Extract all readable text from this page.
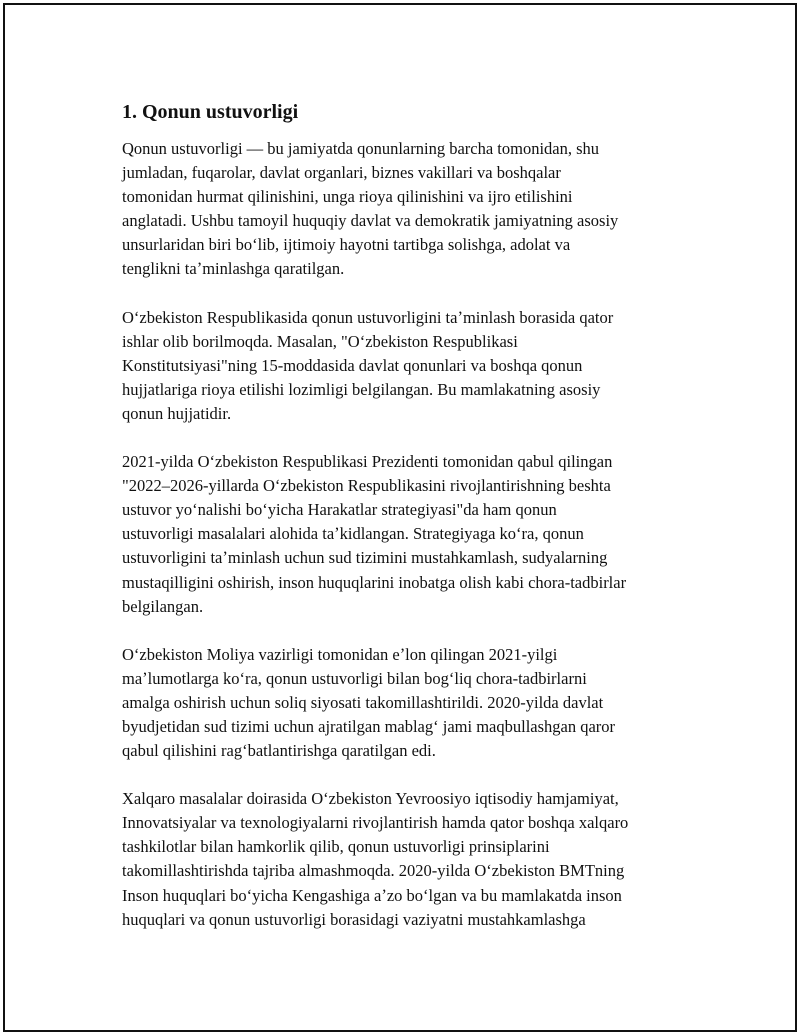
1. Qonun ustuvorligi

Qonun ustuvorligi — bu jamiyatda qonunlarning barcha tomonidan, shu
jumladan, fuqarolar, davlat organlari, biznes vakillari va boshqalar
tomonidan hurmat qilinishini, unga rioya qilinishini va ijro etilishini
anglatadi. Ushbu tamoyil huquqiy davlat va demokratik jamiyatning asosiy
unsurlaridan biri boʻlib, ijtimoiy hayotni tartibga solishga, adolat va
tenglikni taʼminlashga qaratilgan.

Oʻzbekiston Respublikasida qonun ustuvorligini taʼminlash borasida qator
ishlar olib borilmoqda. Masalan, "Oʻzbekiston Respublikasi
Konstitutsiyasi"ning 15-moddasida davlat qonunlari va boshqa qonun
hujjatlariga rioya etilishi lozimligi belgilangan. Bu mamlakatning asosiy
qonun hujjatidir.

2021-yilda Oʻzbekiston Respublikasi Prezidenti tomonidan qabul qilingan
"2022–2026-yillarda Oʻzbekiston Respublikasini rivojlantirishning beshta
ustuvor yoʻnalishi boʻyicha Harakatlar strategiyasi"da ham qonun
ustuvorligi masalalari alohida taʼkidlangan. Strategiyaga koʻra, qonun
ustuvorligini taʼminlash uchun sud tizimini mustahkamlash, sudyalarning
mustaqilligini oshirish, inson huquqlarini inobatga olish kabi chora-tadbirlar
belgilangan.

Oʻzbekiston Moliya vazirligi tomonidan eʼlon qilingan 2021-yilgi
maʼlumotlarga koʻra, qonun ustuvorligi bilan bogʻliq chora-tadbirlarni
amalga oshirish uchun soliq siyosati takomillashtirildi. 2020-yilda davlat
byudjetidan sud tizimi uchun ajratilgan mablagʻ jami maqbullashgan qaror
qabul qilishini ragʻbatlantirishga qaratilgan edi.

Xalqaro masalalar doirasida Oʻzbekiston Yevroosiyo iqtisodiy hamjamiyat,
Innovatsiyalar va texnologiyalarni rivojlantirish hamda qator boshqa xalqaro
tashkilotlar bilan hamkorlik qilib, qonun ustuvorligi prinsiplarini
takomillashtirishda tajriba almashmoqda. 2020-yilda Oʻzbekiston BMTning
Inson huquqlari boʻyicha Kengashiga aʼzo boʻlgan va bu mamlakatda inson
huquqlari va qonun ustuvorligi borasidagi vaziyatni mustahkamlashga
